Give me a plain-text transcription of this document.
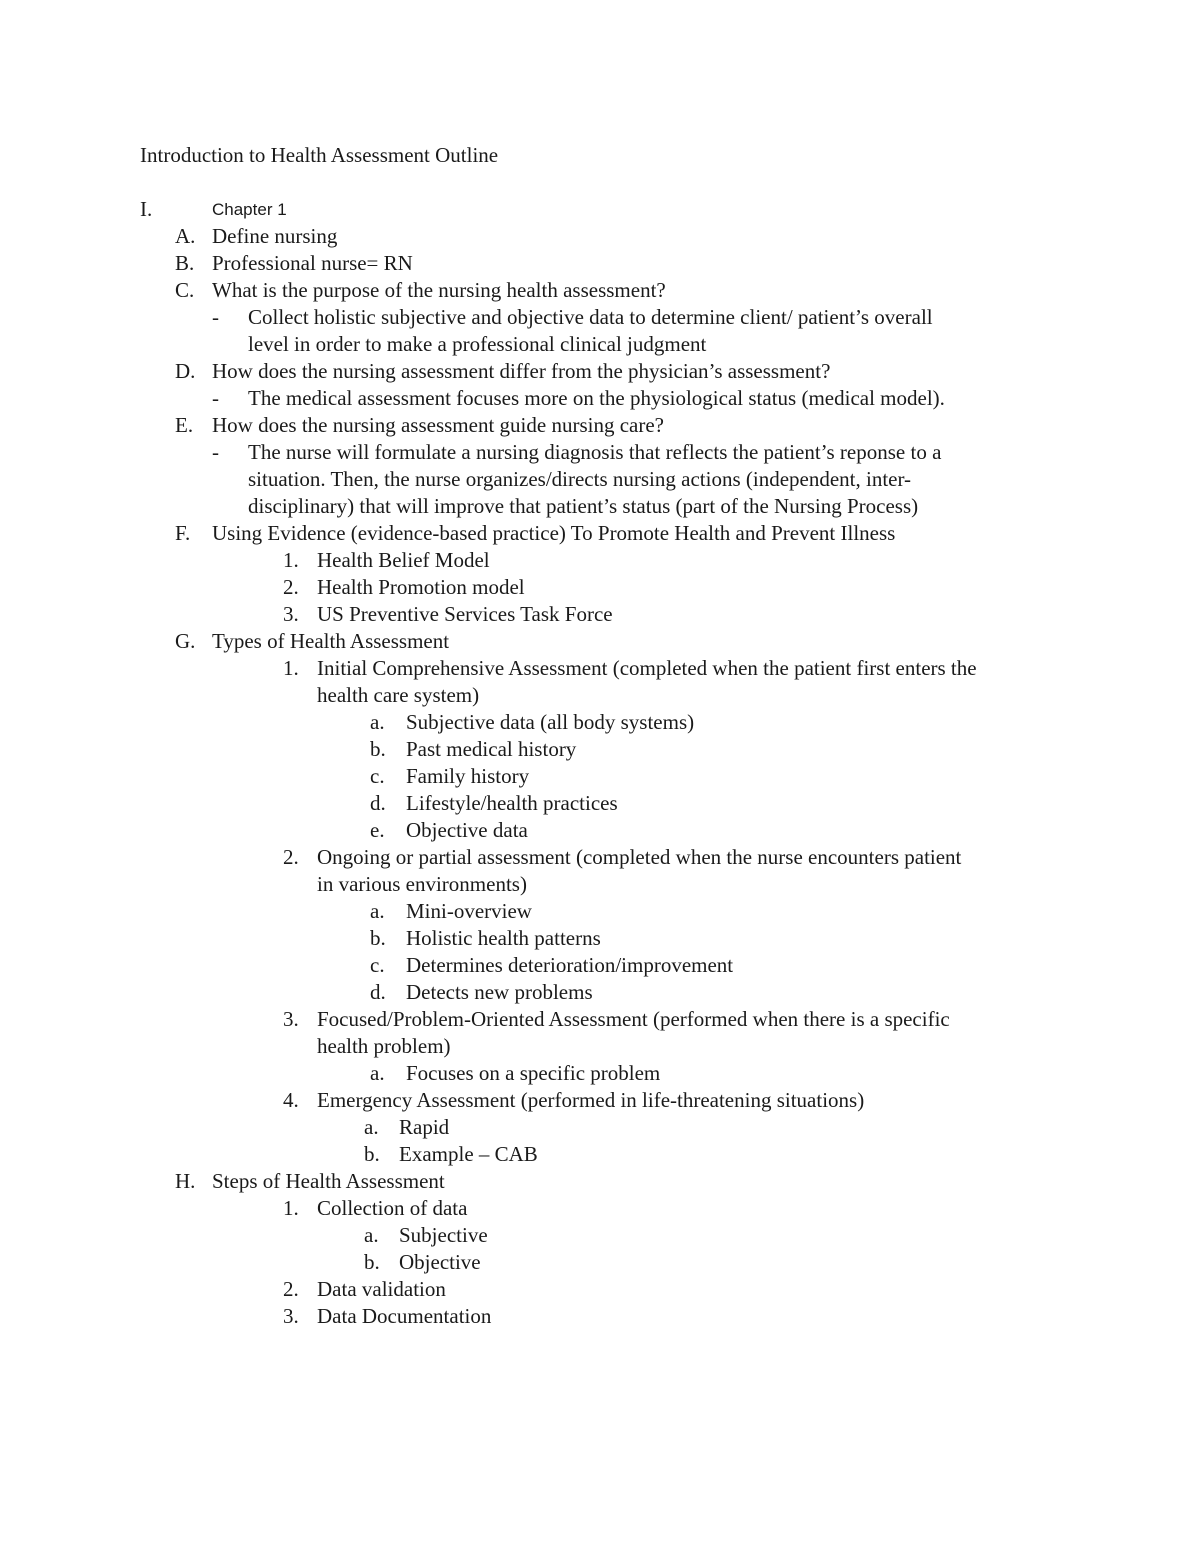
Introduction to Health Assessment Outline
I.	Chapter 1
A. Define nursing
B. Professional nurse= RN
C. What is the purpose of the nursing health assessment?
- Collect holistic subjective and objective data to determine client/ patient’s overall
level in order to make a professional clinical judgment
D. How does the nursing assessment differ from the physician’s assessment?
- The medical assessment focuses more on the physiological status (medical model).
E. How does the nursing assessment guide nursing care?
- The nurse will formulate a nursing diagnosis that reflects the patient’s reponse to a
situation. Then, the nurse organizes/directs nursing actions (independent, inter-
disciplinary) that will improve that patient’s status (part of the Nursing Process)
F. Using Evidence (evidence-based practice) To Promote Health and Prevent Illness
1. Health Belief Model
2. Health Promotion model
3. US Preventive Services Task Force
G. Types of Health Assessment
1. Initial Comprehensive Assessment (completed when the patient first enters the
health care system)
a. Subjective data (all body systems)
b. Past medical history
c. Family history
d. Lifestyle/health practices
e. Objective data
2. Ongoing or partial assessment (completed when the nurse encounters patient
in various environments)
a. Mini-overview
b. Holistic health patterns
c. Determines deterioration/improvement
d. Detects new problems
3. Focused/Problem-Oriented Assessment (performed when there is a specific
health problem)
a. Focuses on a specific problem
4. Emergency Assessment (performed in life-threatening situations)
a. Rapid
b. Example – CAB
H. Steps of Health Assessment
1. Collection of data
a. Subjective
b. Objective
2. Data validation
3. Data Documentation
